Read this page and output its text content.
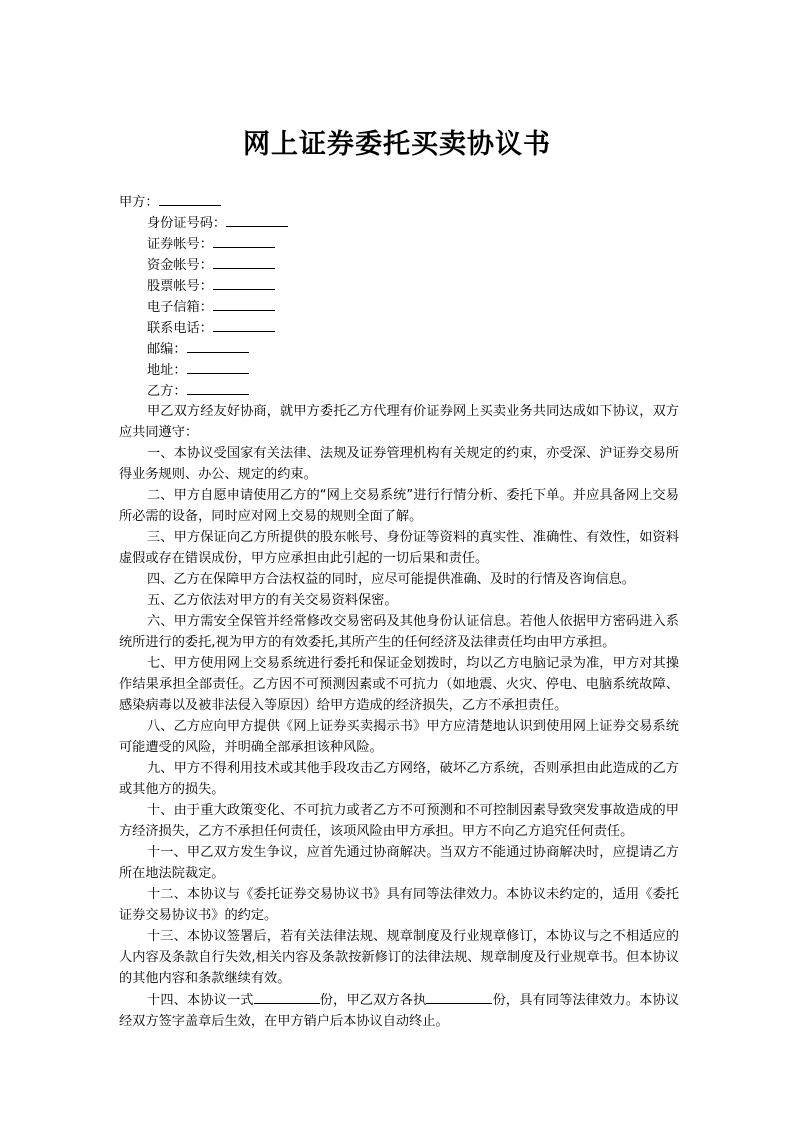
网上证券委托买卖协议书
甲方：
身份证号码：
证券帐号：
资金帐号：
股票帐号：
电子信箱：
联系电话：
邮编：
地址：
乙方：
甲乙双方经友好协商，就甲方委托乙方代理有价证券网上买卖业务共同达成如下协议，双方应共同遵守：
一、本协议受国家有关法律、法规及证券管理机构有关规定的约束，亦受深、沪证券交易所得业务规则、办公、规定的约束。
二、甲方自愿申请使用乙方的“网上交易系统”进行行情分析、委托下单。并应具备网上交易所必需的设备，同时应对网上交易的规则全面了解。
三、甲方保证向乙方所提供的股东帐号、身份证等资料的真实性、准确性、有效性，如资料虚假或存在错误成份，甲方应承担由此引起的一切后果和责任。
四、乙方在保障甲方合法权益的同时，应尽可能提供准确、及时的行情及咨询信息。
五、乙方依法对甲方的有关交易资料保密。
六、甲方需安全保管并经常修改交易密码及其他身份认证信息。若他人依据甲方密码进入系统所进行的委托,视为甲方的有效委托,其所产生的任何经济及法律责任均由甲方承担。
七、甲方使用网上交易系统进行委托和保证金划拨时，均以乙方电脑记录为准，甲方对其操作结果承担全部责任。乙方因不可预测因素或不可抗力（如地震、火灾、停电、电脑系统故障、感染病毒以及被非法侵入等原因）给甲方造成的经济损失，乙方不承担责任。
八、乙方应向甲方提供《网上证券买卖揭示书》甲方应清楚地认识到使用网上证券交易系统可能遭受的风险，并明确全部承担该种风险。
九、甲方不得利用技术或其他手段攻击乙方网络，破坏乙方系统，否则承担由此造成的乙方或其他方的损失。
十、由于重大政策变化、不可抗力或者乙方不可预测和不可控制因素导致突发事故造成的甲方经济损失，乙方不承担任何责任，该项风险由甲方承担。甲方不向乙方追究任何责任。
十一、甲乙双方发生争议，应首先通过协商解决。当双方不能通过协商解决时，应提请乙方所在地法院裁定。
十二、本协议与《委托证券交易协议书》具有同等法律效力。本协议未约定的，适用《委托证券交易协议书》的约定。
十三、本协议签署后，若有关法律法规、规章制度及行业规章修订，本协议与之不相适应的人内容及条款自行失效,相关内容及条款按新修订的法律法规、规章制度及行业规章书。但本协议的其他内容和条款继续有效。
十四、本协议一式	份，甲乙双方各执	份，具有同等法律效力。本协议经双方签字盖章后生效，在甲方销户后本协议自动终止。
